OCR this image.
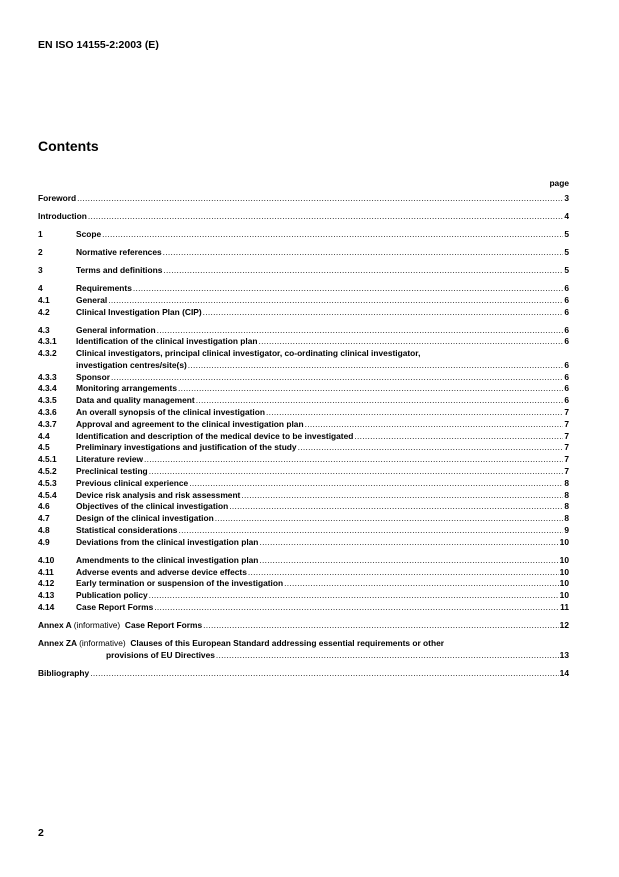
EN ISO 14155-2:2003 (E)
Contents
page
Foreword .....	3
Introduction .....	4
1	Scope .....	5
2	Normative references .....	5
3	Terms and definitions .....	5
4	Requirements .....	6
4.1	General .....	6
4.2	Clinical Investigation Plan (CIP) .....	6
4.3	General information .....	6
4.3.1	Identification of the clinical investigation plan .....	6
4.3.2	Clinical investigators, principal clinical investigator, co-ordinating clinical investigator,
investigation centres/site(s) .....	6
4.3.3	Sponsor .....	6
4.3.4	Monitoring arrangements .....	6
4.3.5	Data and quality management .....	6
4.3.6	An overall synopsis of the clinical investigation .....	7
4.3.7	Approval and agreement to the clinical investigation plan .....	7
4.4	Identification and description of the medical device to be investigated .....	7
4.5	Preliminary investigations and justification of the study .....	7
4.5.1	Literature review .....	7
4.5.2	Preclinical testing .....	7
4.5.3	Previous clinical experience .....	8
4.5.4	Device risk analysis and risk assessment .....	8
4.6	Objectives of the clinical investigation .....	8
4.7	Design of the clinical investigation .....	8
4.8	Statistical considerations .....	9
4.9	Deviations from the clinical investigation plan .....	10
4.10	Amendments to the clinical investigation plan .....	10
4.11	Adverse events and adverse device effects .....	10
4.12	Early termination or suspension of the investigation .....	10
4.13	Publication policy .....	10
4.14	Case Report Forms .....	11
Annex A (informative) Case Report Forms .....	12
Annex ZA (informative) Clauses of this European Standard addressing essential requirements or other
provisions of EU Directives .....	13
Bibliography .....	14
2
